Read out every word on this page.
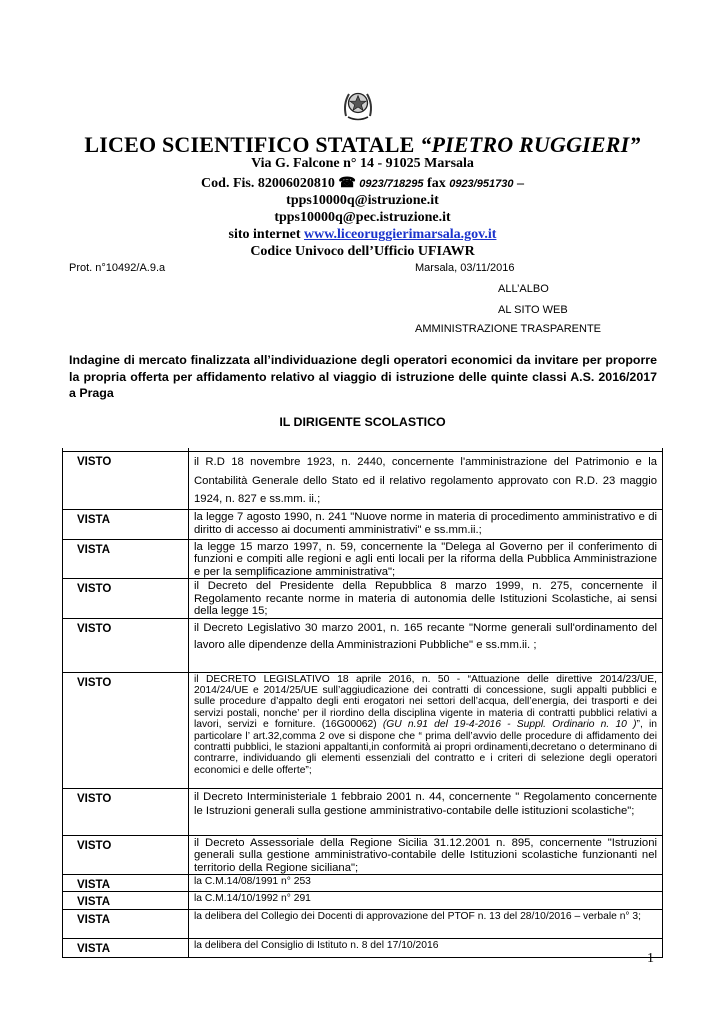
LICEO SCIENTIFICO STATALE “PIETRO RUGGIERI”
Via G. Falcone n° 14 - 91025 Marsala
Cod. Fis. 82006020810 ☎ 0923/718295 fax 0923/951730 –
tpps10000q@istruzione.it
tpps10000q@pec.istruzione.it
sito internet www.liceoruggierimarsala.gov.it
Codice Univoco dell’Ufficio UFIAWR
Prot. n°10492/A.9.a	Marsala, 03/11/2016
ALL’ALBO
AL SITO WEB
AMMINISTRAZIONE TRASPARENTE
Indagine di mercato finalizzata all’individuazione degli operatori economici da invitare per proporre la propria offerta per affidamento relativo al viaggio di istruzione delle quinte classi A.S. 2016/2017 a Praga
IL DIRIGENTE SCOLASTICO

VISTO	il R.D 18 novembre 1923, n. 2440, concernente l'amministrazione del Patrimonio e la Contabilità Generale dello Stato ed il relativo regolamento approvato con R.D. 23 maggio 1924, n. 827 e ss.mm. ii.;
VISTA	la legge 7 agosto 1990, n. 241 "Nuove norme in materia di procedimento amministrativo e di diritto di accesso ai documenti amministrativi" e ss.mm.ii.;
VISTA	la legge 15 marzo 1997, n. 59, concernente la "Delega al Governo per il conferimento di funzioni e compiti alle regioni e agli enti locali per la riforma della Pubblica Amministrazione e per la semplificazione amministrativa";
VISTO	il Decreto del Presidente della Repubblica 8 marzo 1999, n. 275, concernente il Regolamento recante norme in materia di autonomia delle Istituzioni Scolastiche, ai sensi della legge 15;
VISTO	il Decreto Legislativo 30 marzo 2001, n. 165 recante "Norme generali sull'ordinamento del lavoro alle dipendenze della Amministrazioni Pubbliche" e ss.mm.ii. ;
VISTO	il DECRETO LEGISLATIVO 18 aprile 2016, n. 50 - “Attuazione delle direttive 2014/23/UE, 2014/24/UE e 2014/25/UE sull’aggiudicazione dei contratti di concessione, sugli appalti pubblici e sulle procedure d’appalto degli enti erogatori nei settori dell’acqua, dell’energia, dei trasporti e dei servizi postali, nonche’ per il riordino della disciplina vigente in materia di contratti pubblici relativi a lavori, servizi e forniture. (16G00062) (GU n.91 del 19-4-2016 - Suppl. Ordinario n. 10 )”, in particolare l’ art.32,comma 2 ove si dispone che “ prima dell’avvio delle procedure di affidamento dei contratti pubblici, le stazioni appaltanti,in conformità ai propri ordinamenti,decretano o determinano di contrarre, individuando gli elementi essenziali del contratto e i criteri di selezione degli operatori economici e delle offerte”;
VISTO	il Decreto Interministeriale 1 febbraio 2001 n. 44, concernente " Regolamento concernente le Istruzioni generali sulla gestione amministrativo-contabile delle istituzioni scolastiche";
VISTO	il Decreto Assessoriale della Regione Sicilia 31.12.2001 n. 895, concernente "Istruzioni generali sulla gestione amministrativo-contabile delle Istituzioni scolastiche funzionanti nel territorio della Regione siciliana";
VISTA	la C.M.14/08/1991 n° 253
VISTA	la C.M.14/10/1992 n° 291
VISTA	la delibera del Collegio dei Docenti di approvazione del PTOF n. 13 del 28/10/2016 – verbale n° 3;
VISTA	la delibera del Consiglio di Istituto n. 8 del 17/10/2016
1
